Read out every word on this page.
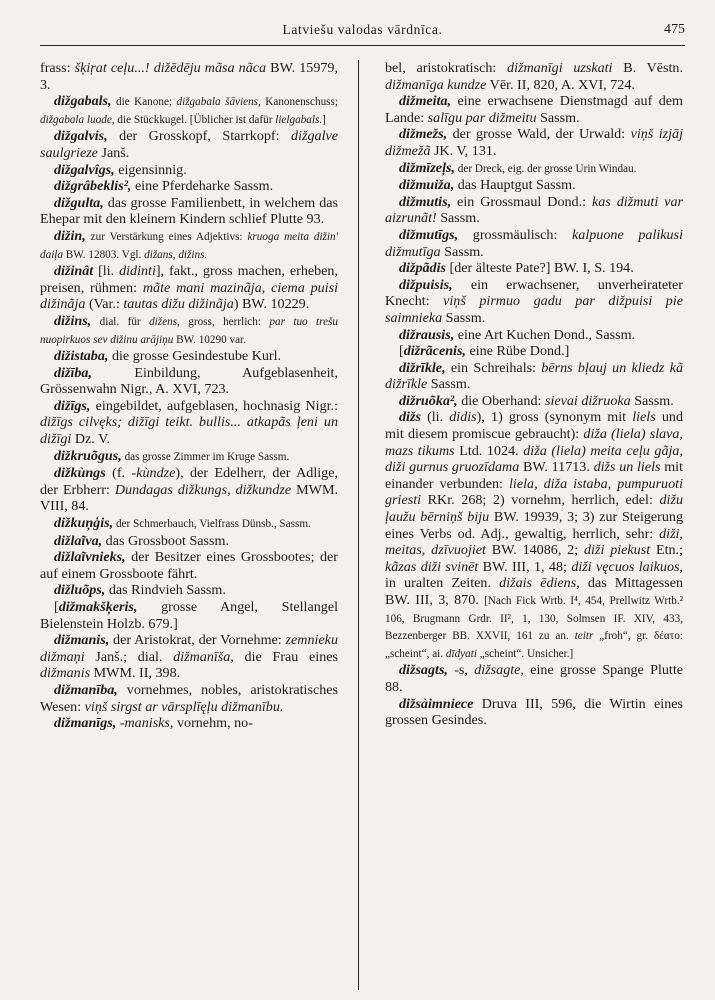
Latviešu valodas vārdnīca.	475

frass: šķiŗat ceļu...! dižēdēju mãsa nãca BW. 15979, 3.

dižgabals, die Kanone; dižgabala šāviens, Kanonenschuss; dižgabala luode, die Stückkugel. [Üblicher ist dafür lielgabals.]

dižgalvis, der Grosskopf, Starrkopf: dižgalve saulgrieze Janš.

dižgalvîgs, eigensinnig.

dižgrâbeklis², eine Pferdeharke Sassm.

dižgulta, das grosse Familienbett, in welchem das Ehepar mit den kleinern Kindern schlief Plutte 93.

dižin, zur Verstärkung eines Adjektivs: kruoga meita dižin' daiļa BW. 12803. Vgl. dižans, dižins.

dižinât [li. didinti], fakt., gross machen, erheben, preisen, rühmen: mãte mani mazinãja, ciema puisi dižinãja (Var.: tautas dižu dižinãja) BW. 10229.

dižins, dial. für dižens, gross, herrlich: par tuo trešu nuopirkuos sev dižinu arājiņu BW. 10290 var.

dižistaba, die grosse Gesindestube Kurl.

dižība, Einbildung, Aufgeblasenheit, Grössenwahn Nigr., A. XVI, 723.

dižīgs, eingebildet, aufgeblasen, hochnasig Nigr.: dižīgs cilvęks; dižīgi teikt. bullis... atkapãs ļeni un dižīgi Dz. V.

dižkruõgus, das grosse Zimmer im Kruge Sassm.

dižkùngs (f. -kùndze), der Edelherr, der Adlige, der Erbherr: Dundagas dižkungs, dižkundze MWM. VIII, 84.

dižkuņģis, der Schmerbauch, Vielfrass Dünsb., Sassm.

dižlaĩva, das Grossboot Sassm.

dižlaĩvnieks, der Besitzer eines Grossbootes; der auf einem Grossboote fährt.

dižluõps, das Rindvieh Sassm.

[dižmakšķeris, grosse Angel, Stellangel Bielenstein Holzb. 679.]

dižmanis, der Aristokrat, der Vornehme: zemnieku dižmaņi Janš.; dial. dižmanīša, die Frau eines dižmanis MWM. II, 398.

dižmanība, vornehmes, nobles, aristokratisches Wesen: viņš sirgst ar vārsplīęļu dižmanību.

dižmanīgs, -manisks, vornehm, no-

bel, aristokratisch: dižmanīgi uzskati B. Vēstn. dižmanīga kundze Vēr. II, 820, A. XVI, 724.

dižmeita, eine erwachsene Dienstmagd auf dem Lande: salīgu par dižmeitu Sassm.

dižmežs, der grosse Wald, der Urwald: viņš izjāj dižmežã JK. V, 131.

dižmīzeļs, der Dreck, eig. der grosse Urin Windau.

dižmuiža, das Hauptgut Sassm.

dižmutis, ein Grossmaul Dond.: kas dižmuti var aizrunãt! Sassm.

dižmutīgs, grossmäulisch: kalpuone palikusi dižmutīga Sassm.

dižpãdis [der älteste Pate?] BW. I, S. 194.

dižpuisis, ein erwachsener, unverheirateter Knecht: viņš pirmuo gadu par dižpuisi pie saimnieka Sassm.

dižrausis, eine Art Kuchen Dond., Sassm.

[dižrãcenis, eine Rübe Dond.]

dižrīkle, ein Schreihals: bērns bļauj un kliedz kã dižrīkle Sassm.

dižruõka², die Oberhand: sievai dižruoka Sassm.

dižs (li. didis), 1) gross (synonym mit liels und mit diesem promiscue gebraucht): diža (liela) slava, mazs tikums Ltd. 1024. diža (liela) meita ceļu gãja, diži gurnus gruozīdama BW. 11713. dižs un liels mit einander verbunden: liela, diža istaba, pumpuruoti griesti RKr. 268; 2) vornehm, herrlich, edel: dižu ļaužu bērniņš biju BW. 19939, 3; 3) zur Steigerung eines Verbs od. Adj., gewaltig, herrlich, sehr: diži, meitas, dzīvuojiet BW. 14086, 2; diži piekust Etn.; kãzas diži svinēt BW. III, 1, 48; diži vęcuos laikuos, in uralten Zeiten. dižais ēdiens, das Mittagessen BW. III, 3, 870. [Nach Fick Wrtb. I⁴, 454, Prellwitz Wrtb.² 106, Brugmann Grdr. II², 1, 130, Solmsen IF. XIV, 433, Bezzenberger BB. XXVII, 161 zu an. teitr „froh“, gr. δέατο: „scheint“, ai. dīdyati „scheint“. Unsicher.]

dižsagts, -s, dižsagte, eine grosse Spange Plutte 88.

dižsàimniece Druva III, 596, die Wirtin eines grossen Gesindes.
